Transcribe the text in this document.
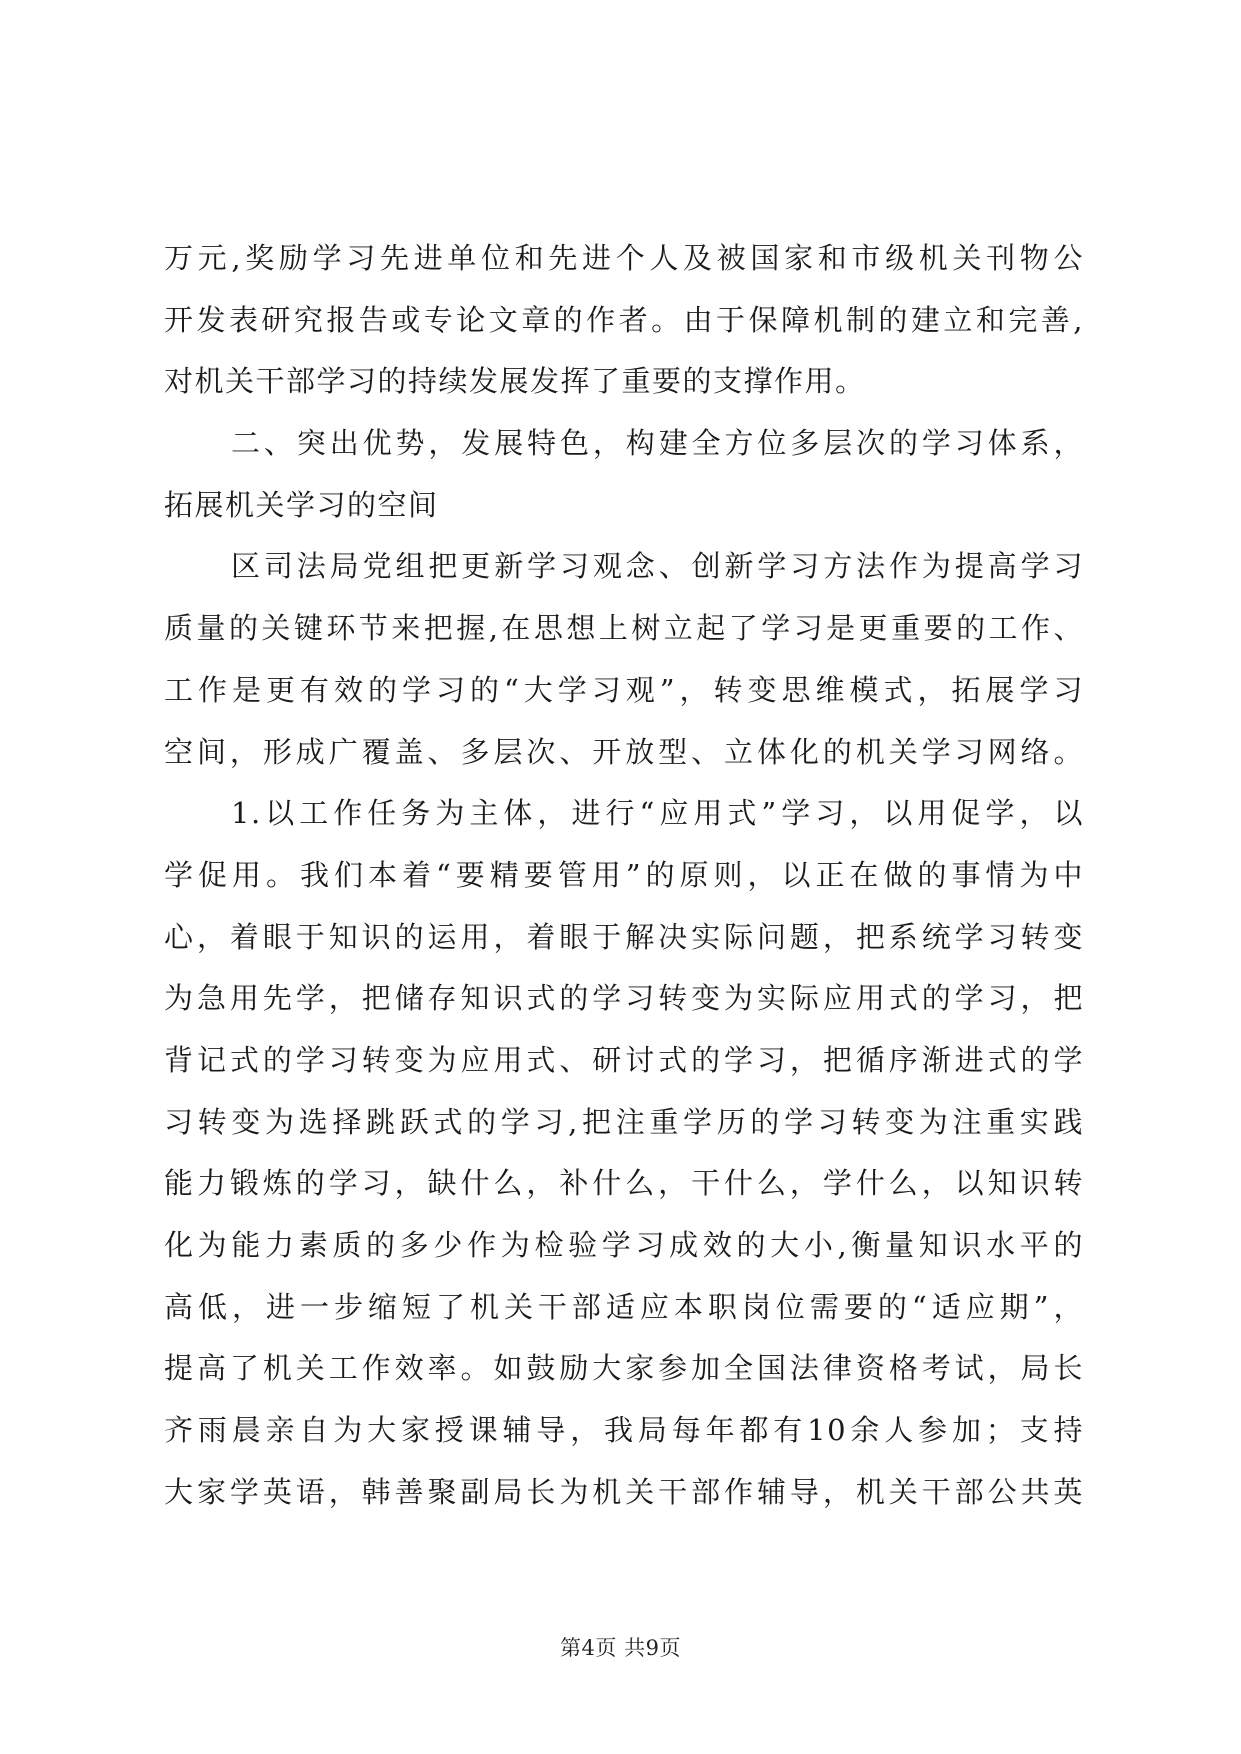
万元,奖励学习先进单位和先进个人及被国家和市级机关刊物公
开发表研究报告或专论文章的作者。由于保障机制的建立和完善,
对机关干部学习的持续发展发挥了重要的支撑作用。
二、突出优势，发展特色，构建全方位多层次的学习体系，
拓展机关学习的空间
区司法局党组把更新学习观念、创新学习方法作为提高学习
质量的关键环节来把握,在思想上树立起了学习是更重要的工作、
工作是更有效的学习的“大学习观”，转变思维模式，拓展学习
空间，形成广覆盖、多层次、开放型、立体化的机关学习网络。
1.以工作任务为主体，进行“应用式”学习，以用促学，以
学促用。我们本着“要精要管用”的原则，以正在做的事情为中
心，着眼于知识的运用，着眼于解决实际问题，把系统学习转变
为急用先学，把储存知识式的学习转变为实际应用式的学习，把
背记式的学习转变为应用式、研讨式的学习，把循序渐进式的学
习转变为选择跳跃式的学习,把注重学历的学习转变为注重实践
能力锻炼的学习，缺什么，补什么，干什么，学什么，以知识转
化为能力素质的多少作为检验学习成效的大小,衡量知识水平的
高低，进一步缩短了机关干部适应本职岗位需要的“适应期”，
提高了机关工作效率。如鼓励大家参加全国法律资格考试，局长
齐雨晨亲自为大家授课辅导，我局每年都有10余人参加；支持
大家学英语，韩善聚副局长为机关干部作辅导，机关干部公共英
第4页 共9页
